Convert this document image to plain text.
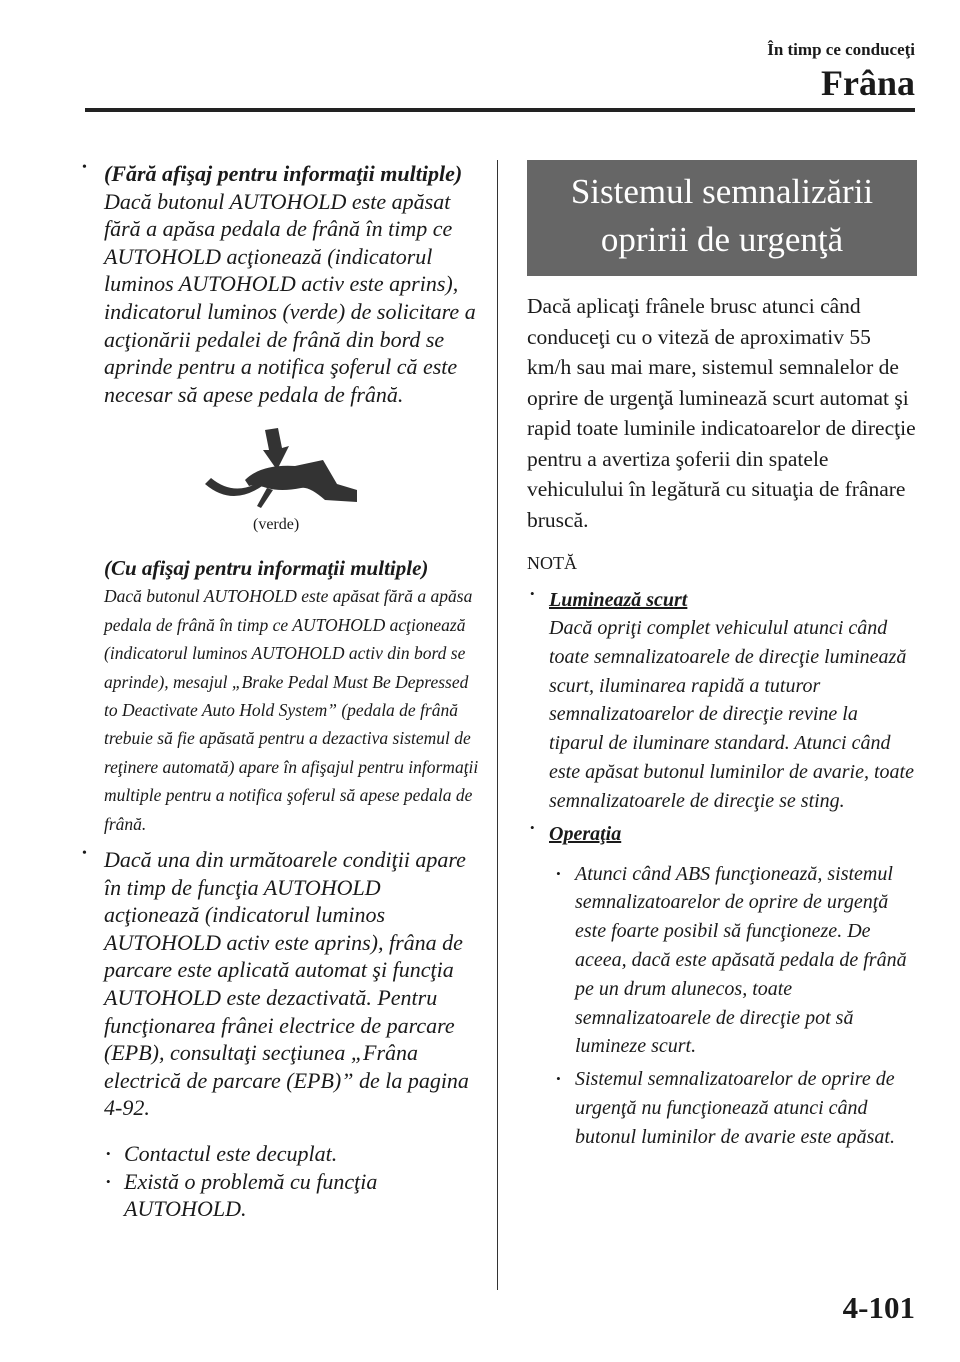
În timp ce conduceţi
Frâna
• (Fără afişaj pentru informaţii multiple)
Dacă butonul AUTOHOLD este apăsat fără a apăsa pedala de frână în timp ce AUTOHOLD acţionează (indicatorul luminos AUTOHOLD activ este aprins), indicatorul luminos (verde) de solicitare a acţionării pedalei de frână din bord se aprinde pentru a notifica şoferul că este necesar să apese pedala de frână.
(verde)
(Cu afişaj pentru informaţii multiple)
Dacă butonul AUTOHOLD este apăsat fără a apăsa pedala de frână în timp ce AUTOHOLD acţionează (indicatorul luminos AUTOHOLD activ din bord se aprinde), mesajul „Brake Pedal Must Be Depressed to Deactivate Auto Hold System” (pedala de frână trebuie să fie apăsată pentru a dezactiva sistemul de reţinere automată) apare în afişajul pentru informaţii multiple pentru a notifica şoferul să apese pedala de frână.
• Dacă una din următoarele condiţii apare în timp de funcţia AUTOHOLD acţionează (indicatorul luminos AUTOHOLD activ este aprins), frâna de parcare este aplicată automat şi funcţia AUTOHOLD este dezactivată. Pentru funcţionarea frânei electrice de parcare (EPB), consultaţi secţiunea „Frâna electrică de parcare (EPB)” de la pagina 4-92.
• Contactul este decuplat.
• Există o problemă cu funcţia AUTOHOLD.
Sistemul semnalizării
opririi de urgenţă
Dacă aplicaţi frânele brusc atunci când conduceţi cu o viteză de aproximativ 55 km/h sau mai mare, sistemul semnalelor de oprire de urgenţă luminează scurt automat şi rapid toate luminile indicatoarelor de direcţie pentru a avertiza şoferii din spatele vehiculului în legătură cu situaţia de frânare bruscă.
NOTĂ
• Luminează scurt
Dacă opriţi complet vehiculul atunci când toate semnalizatoarele de direcţie luminează scurt, iluminarea rapidă a tuturor semnalizatoarelor de direcţie revine la tiparul de iluminare standard. Atunci când este apăsat butonul luminilor de avarie, toate semnalizatoarele de direcţie se sting.
• Operaţia
• Atunci când ABS funcţionează, sistemul semnalizatoarelor de oprire de urgenţă este foarte posibil să funcţioneze. De aceea, dacă este apăsată pedala de frână pe un drum alunecos, toate semnalizatoarele de direcţie pot să lumineze scurt.
• Sistemul semnalizatoarelor de oprire de urgenţă nu funcţionează atunci când butonul luminilor de avarie este apăsat.
4-101
